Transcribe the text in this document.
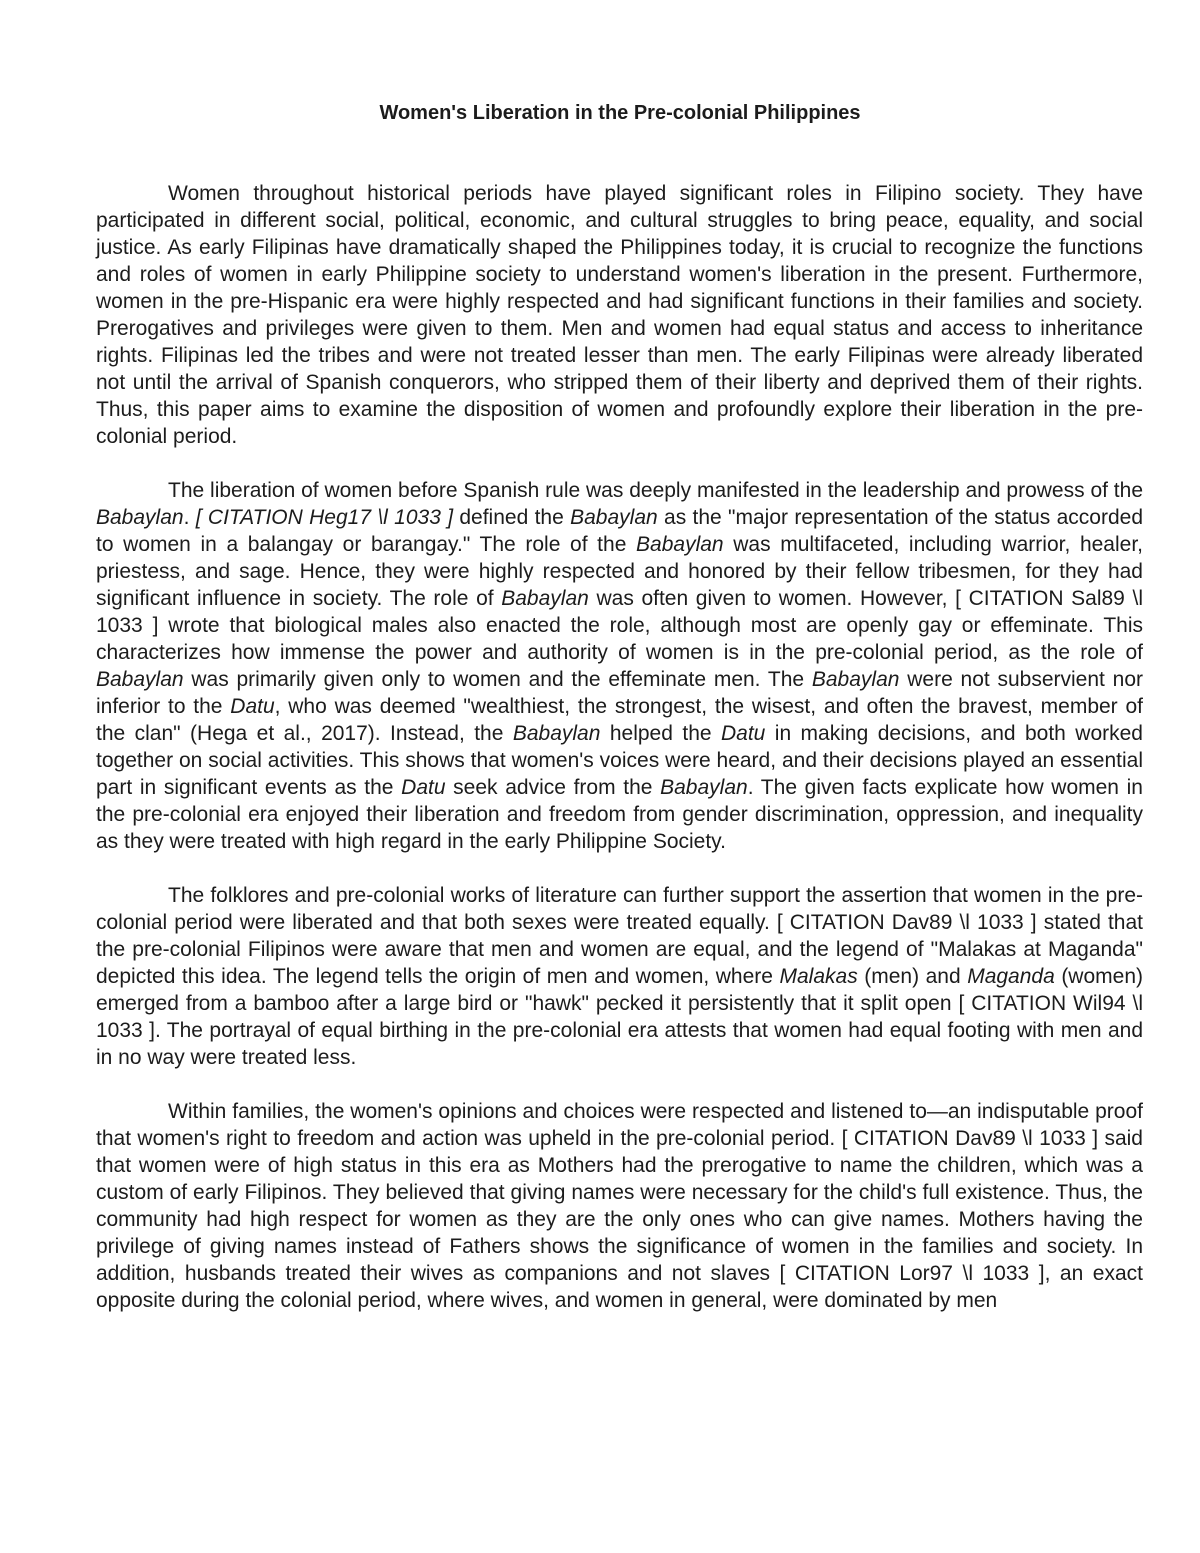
Women's Liberation in the Pre-colonial Philippines

Women throughout historical periods have played significant roles in Filipino society. They have participated in different social, political, economic, and cultural struggles to bring peace, equality, and social justice. As early Filipinas have dramatically shaped the Philippines today, it is crucial to recognize the functions and roles of women in early Philippine society to understand women's liberation in the present. Furthermore, women in the pre-Hispanic era were highly respected and had significant functions in their families and society. Prerogatives and privileges were given to them. Men and women had equal status and access to inheritance rights. Filipinas led the tribes and were not treated lesser than men. The early Filipinas were already liberated not until the arrival of Spanish conquerors, who stripped them of their liberty and deprived them of their rights. Thus, this paper aims to examine the disposition of women and profoundly explore their liberation in the pre-colonial period.

The liberation of women before Spanish rule was deeply manifested in the leadership and prowess of the Babaylan. [ CITATION Heg17 \l 1033 ] defined the Babaylan as the "major representation of the status accorded to women in a balangay or barangay." The role of the Babaylan was multifaceted, including warrior, healer, priestess, and sage. Hence, they were highly respected and honored by their fellow tribesmen, for they had significant influence in society. The role of Babaylan was often given to women. However, [ CITATION Sal89 \l 1033 ] wrote that biological males also enacted the role, although most are openly gay or effeminate. This characterizes how immense the power and authority of women is in the pre-colonial period, as the role of Babaylan was primarily given only to women and the effeminate men. The Babaylan were not subservient nor inferior to the Datu, who was deemed "wealthiest, the strongest, the wisest, and often the bravest, member of the clan" (Hega et al., 2017). Instead, the Babaylan helped the Datu in making decisions, and both worked together on social activities. This shows that women's voices were heard, and their decisions played an essential part in significant events as the Datu seek advice from the Babaylan. The given facts explicate how women in the pre-colonial era enjoyed their liberation and freedom from gender discrimination, oppression, and inequality as they were treated with high regard in the early Philippine Society.

The folklores and pre-colonial works of literature can further support the assertion that women in the pre-colonial period were liberated and that both sexes were treated equally. [ CITATION Dav89 \l 1033 ] stated that the pre-colonial Filipinos were aware that men and women are equal, and the legend of "Malakas at Maganda" depicted this idea. The legend tells the origin of men and women, where Malakas (men) and Maganda (women) emerged from a bamboo after a large bird or "hawk" pecked it persistently that it split open [ CITATION Wil94 \l 1033 ]. The portrayal of equal birthing in the pre-colonial era attests that women had equal footing with men and in no way were treated less.

Within families, the women's opinions and choices were respected and listened to—an indisputable proof that women's right to freedom and action was upheld in the pre-colonial period. [ CITATION Dav89 \l 1033 ] said that women were of high status in this era as Mothers had the prerogative to name the children, which was a custom of early Filipinos. They believed that giving names were necessary for the child's full existence. Thus, the community had high respect for women as they are the only ones who can give names. Mothers having the privilege of giving names instead of Fathers shows the significance of women in the families and society. In addition, husbands treated their wives as companions and not slaves [ CITATION Lor97 \l 1033 ], an exact opposite during the colonial period, where wives, and women in general, were dominated by men
